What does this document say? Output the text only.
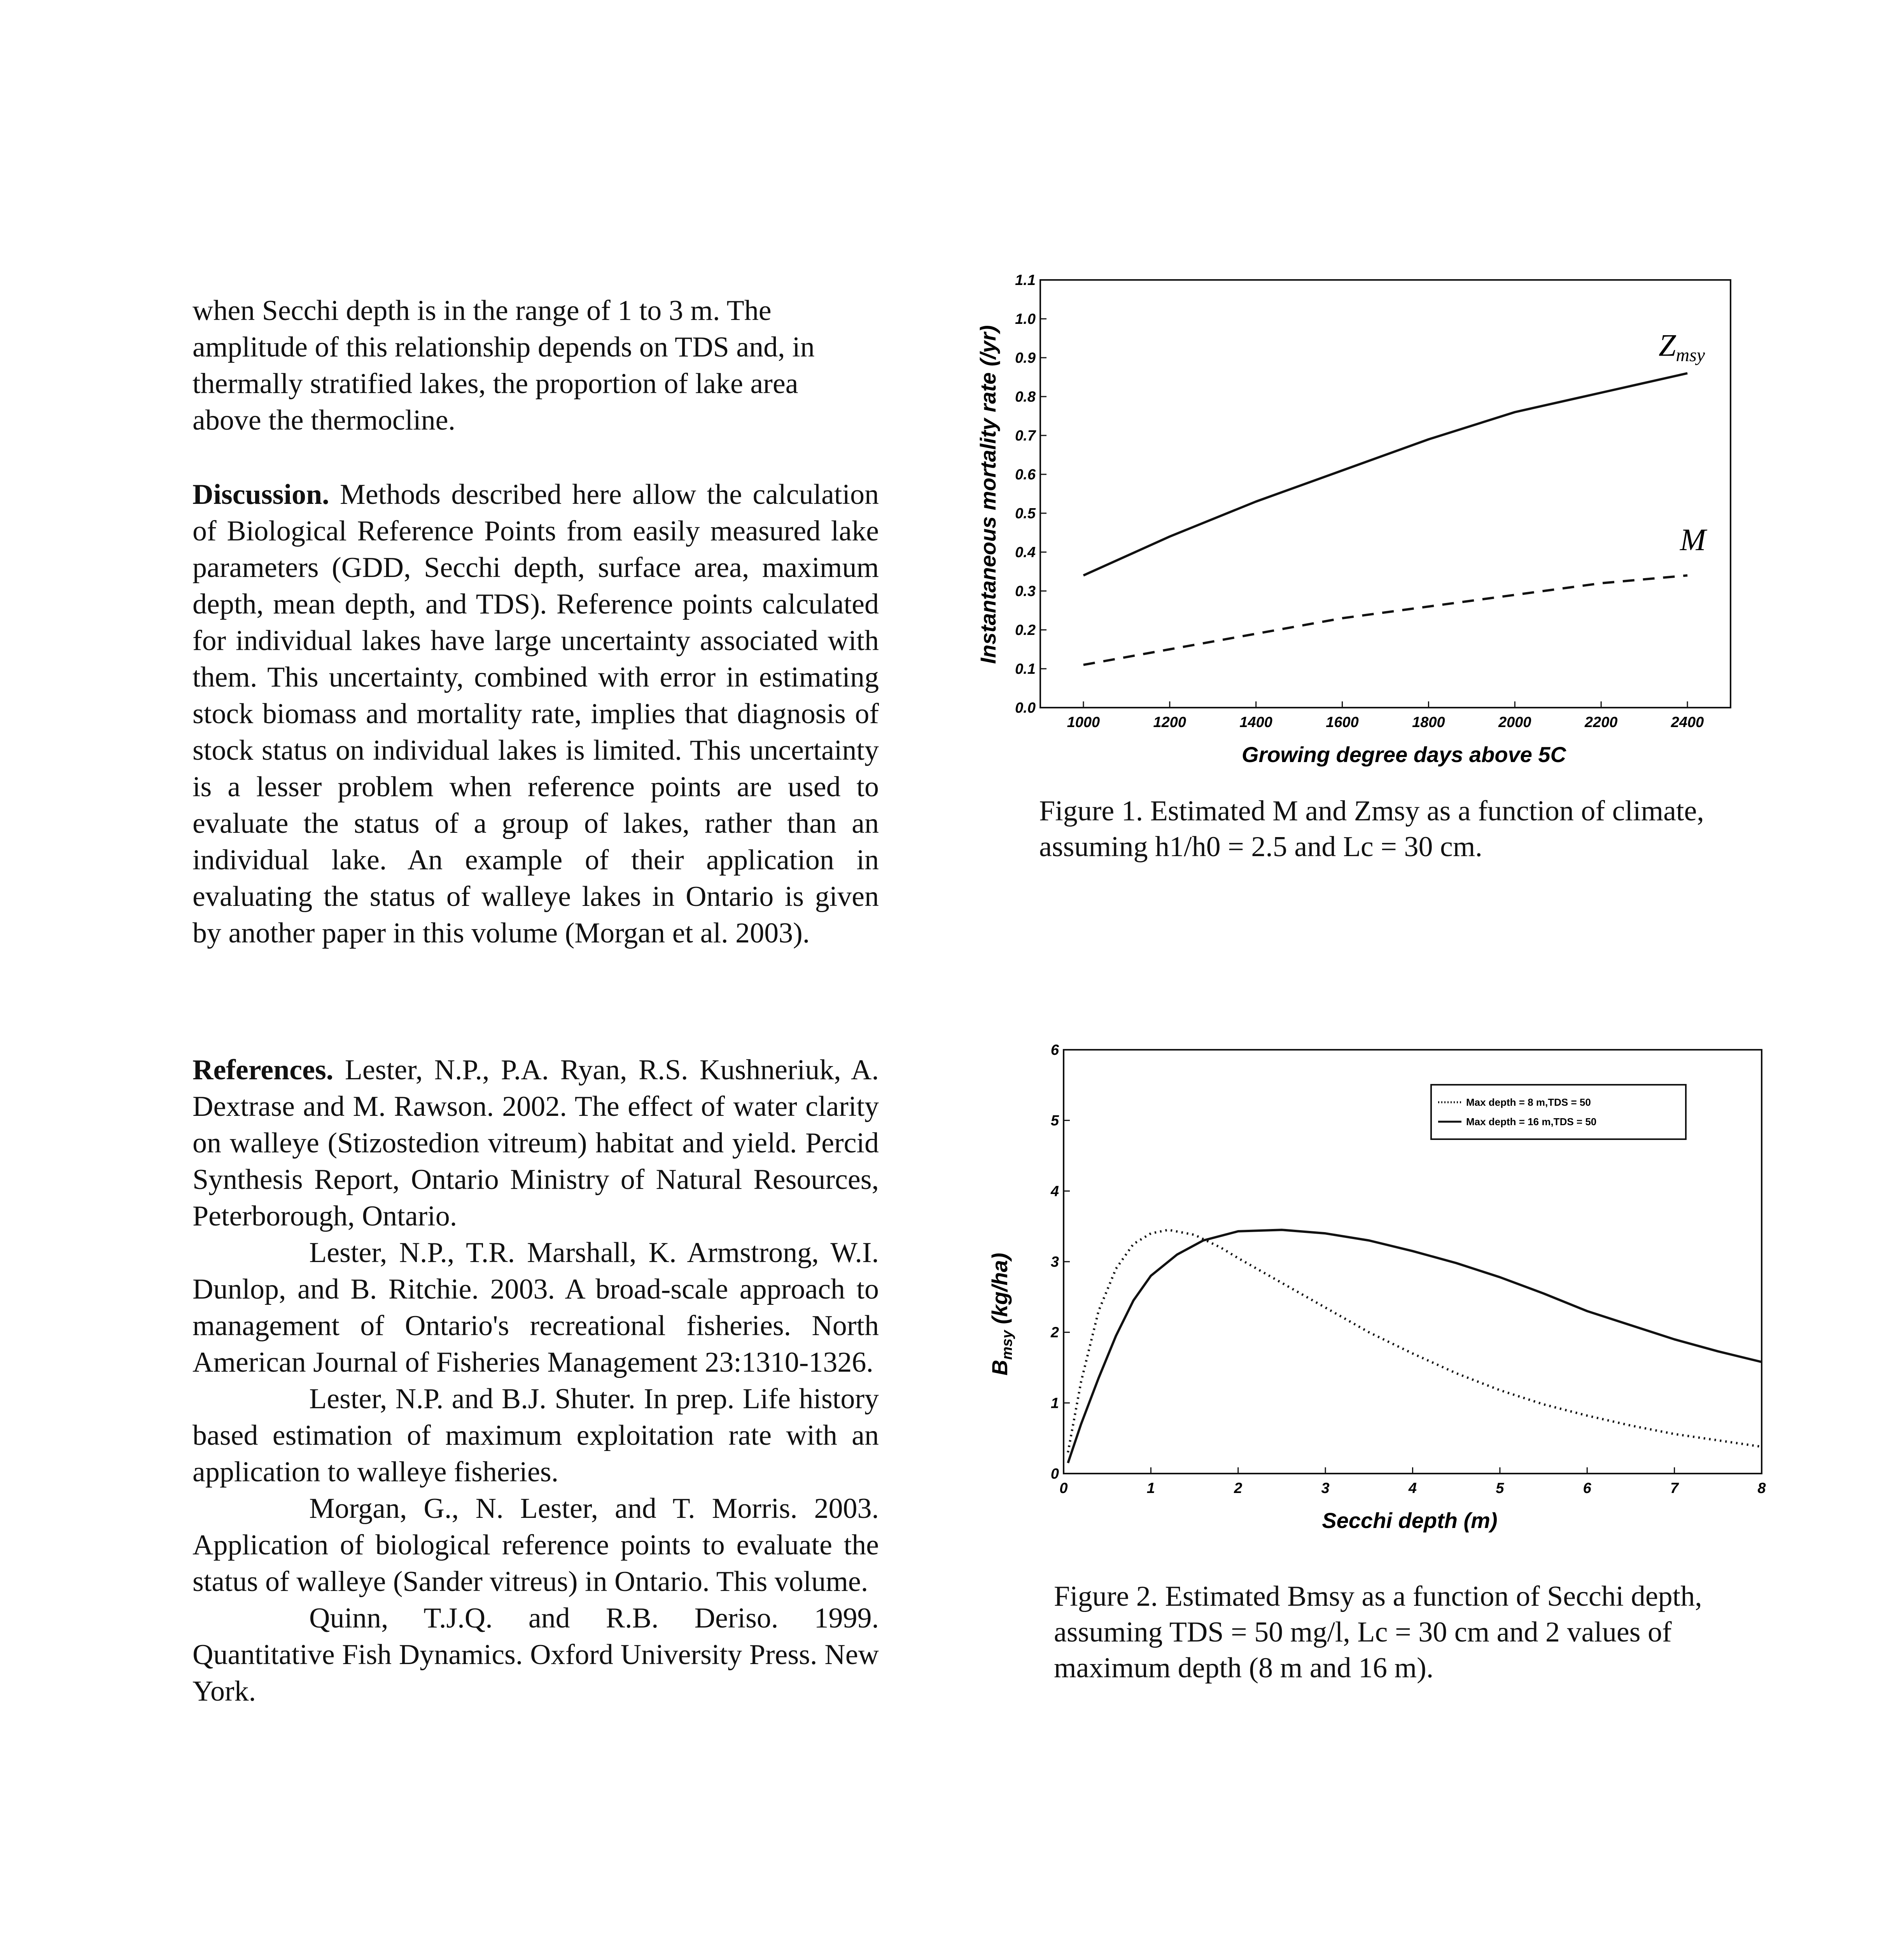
when Secchi depth is in the range of 1 to 3 m. The
amplitude of this relationship depends on TDS and, in
thermally stratified lakes, the proportion of lake area
above the thermocline.

Discussion. Methods described here allow the calculation of Biological Reference Points from easily measured lake parameters (GDD, Secchi depth, surface area, maximum depth, mean depth, and TDS). Reference points calculated for individual lakes have large uncertainty associated with them. This uncertainty, combined with error in estimating stock biomass and mortality rate, implies that diagnosis of stock status on individual lakes is limited. This uncertainty is a lesser problem when reference points are used to evaluate the status of a group of lakes, rather than an individual lake. An example of their application in evaluating the status of walleye lakes in Ontario is given by another paper in this volume (Morgan et al. 2003).

References. Lester, N.P., P.A. Ryan, R.S. Kushneriuk, A. Dextrase and M. Rawson. 2002. The effect of water clarity on walleye (Stizostedion vitreum) habitat and yield. Percid Synthesis Report, Ontario Ministry of Natural Resources, Peterborough, Ontario.

Lester, N.P., T.R. Marshall, K. Armstrong, W.I. Dunlop, and B. Ritchie. 2003. A broad-scale approach to management of Ontario's recreational fisheries. North American Journal of Fisheries Management 23:1310-1326.

Lester, N.P. and B.J. Shuter. In prep. Life history based estimation of maximum exploitation rate with an application to walleye fisheries.

Morgan, G., N. Lester, and T. Morris. 2003. Application of biological reference points to evaluate the status of walleye (Sander vitreus) in Ontario. This volume.

Quinn, T.J.Q. and R.B. Deriso. 1999. Quantitative Fish Dynamics. Oxford University Press. New York.

1000	1200	1400	1600	1800	2000	2200	2400
0.0
0.1
0.2
0.3
0.4
0.5
0.6
0.7
0.8
0.9
1.0
1.1
Growing degree days above 5C
Instantaneous mortality rate (/yr)	Zmsy
M
Figure 1. Estimated M and Zmsy as a function of climate,
assuming h1/h0 = 2.5 and Lc = 30 cm.
0	1	2	3	4	5	6	7	8
0
1
2
3
4
5
6
Max depth = 8 m,TDS = 50
Max depth = 16 m,TDS = 50
Secchi depth (m)
$B_{msy}$ (kg/ha)
Figure 2. Estimated Bmsy as a function of Secchi depth,
assuming TDS = 50 mg/l, Lc = 30 cm and 2 values of
maximum depth (8 m and 16 m).
